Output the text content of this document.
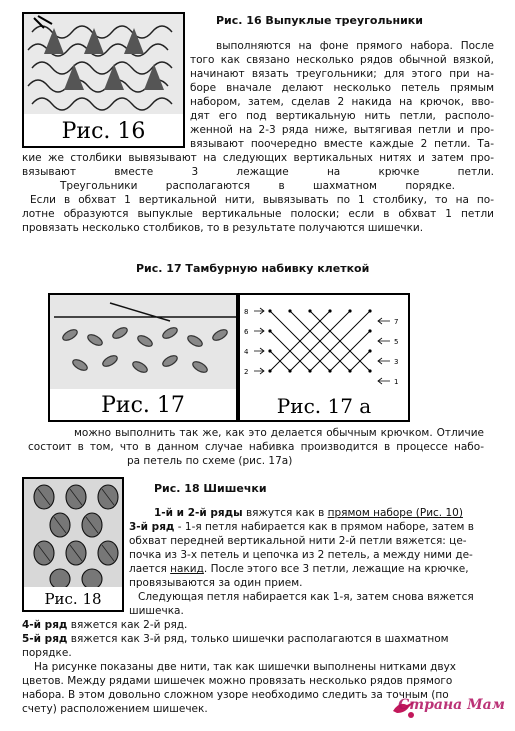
Рис. 16
Рис. 16 Выпуклые треугольники
выполняются на фоне прямого набора. После
того как связано несколько рядов обычной вязкой,
начинают вязать треугольники; для этого при на-
боре вначале делают несколько петель прямым
набором, затем, сделав 2 накида на крючок, вво-
дят его под вертикальную нить петли, располо-
женной на 2-3 ряда ниже, вытягивая петли и про-
вязывают поочередно вместе каждые 2 петли. Та-
кие же столбики вывязывают на следующих вертикальных нитях и затем про-
вязывают вместе 3 лежащие на крючке петли.
Треугольники располагаются в шахматном порядке.
Если в обхват 1 вертикальной нити, вывязывать по 1 столбику, то на по-
лотне образуются выпуклые вертикальные полоски; если в обхват 1 петли
провязать несколько столбиков, то в результате получаются шишечки.
Рис. 17 Тамбурную набивку клеткой
Рис. 17
8
6
4
2
7
5
3
1
Рис. 17 а
можно выполнить так же, как это делается обычным крючком. Отличие
состоит в том, что в данном случае набивка производится в процессе набо-
ра петель по схеме (рис. 17а)
Рис. 18
Рис. 18 Шишечки
1-й и 2-й ряды вяжутся как в прямом наборе (Рис. 10)
3-й ряд - 1-я петля набирается как в прямом наборе, затем в
обхват передней вертикальной нити 2-й петли вяжется: це-
почка из 3-х петель и цепочка из 2 петель, а между ними де-
лается накид. После этого все 3 петли, лежащие на крючке,
провязываются за один прием.
Следующая петля набирается как 1-я, затем снова вяжется
шишечка.
4-й ряд вяжется как 2-й ряд.
5-й ряд вяжется как 3-й ряд, только шишечки располагаются в шахматном
порядке.
На рисунке показаны две нити, так как шишечки выполнены нитками двух
цветов. Между рядами шишечек можно провязать несколько рядов прямого
набора. В этом довольно сложном узоре необходимо следить за точным (по
счету) расположением шишечек.	Страна Мам
